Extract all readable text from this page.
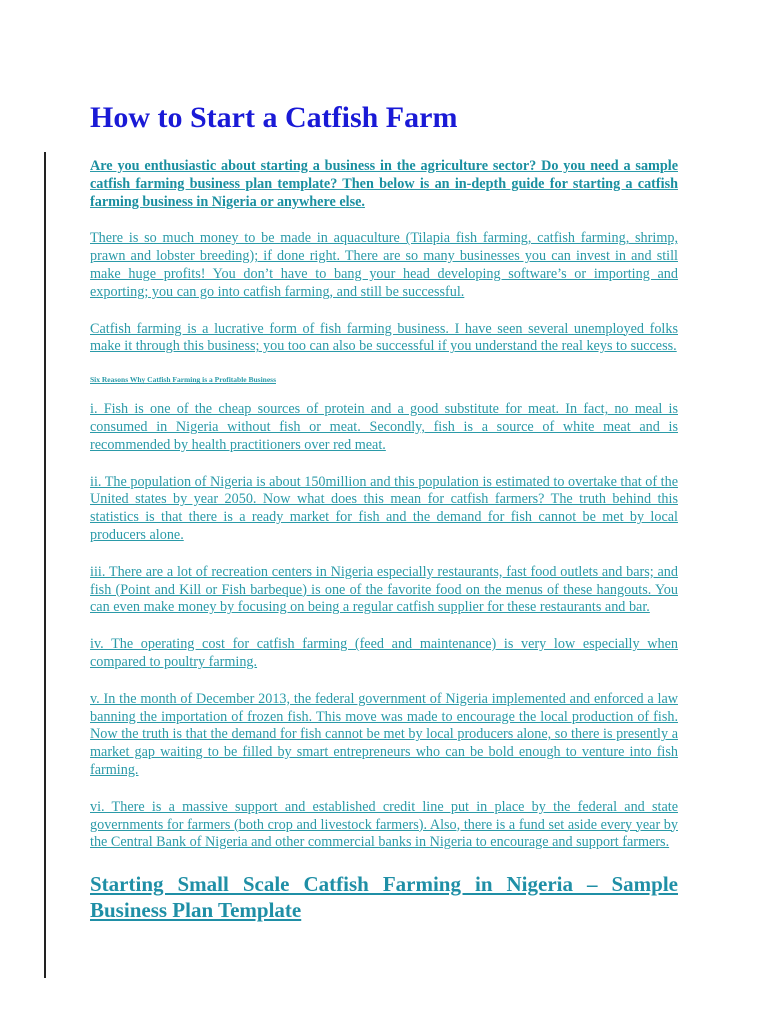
How to Start a Catfish Farm

Are you enthusiastic about starting a business in the agriculture sector? Do you need a sample catfish farming business plan template? Then below is an in-depth guide for starting a catfish farming business in Nigeria or anywhere else.

There is so much money to be made in aquaculture (Tilapia fish farming, catfish farming, shrimp, prawn and lobster breeding); if done right. There are so many businesses you can invest in and still make huge profits! You don’t have to bang your head developing software’s or importing and exporting; you can go into catfish farming, and still be successful.

Catfish farming is a lucrative form of fish farming business. I have seen several unemployed folks make it through this business; you too can also be successful if you understand the real keys to success.

Six Reasons Why Catfish Farming is a Profitable Business

i. Fish is one of the cheap sources of protein and a good substitute for meat. In fact, no meal is consumed in Nigeria without fish or meat. Secondly, fish is a source of white meat and is recommended by health practitioners over red meat.

ii. The population of Nigeria is about 150million and this population is estimated to overtake that of the United states by year 2050. Now what does this mean for catfish farmers? The truth behind this statistics is that there is a ready market for fish and the demand for fish cannot be met by local producers alone.

iii. There are a lot of recreation centers in Nigeria especially restaurants, fast food outlets and bars; and fish (Point and Kill or Fish barbeque) is one of the favorite food on the menus of these hangouts. You can even make money by focusing on being a regular catfish supplier for these restaurants and bar.

iv. The operating cost for catfish farming (feed and maintenance) is very low especially when compared to poultry farming.

v. In the month of December 2013, the federal government of Nigeria implemented and enforced a law banning the importation of frozen fish. This move was made to encourage the local production of fish. Now the truth is that the demand for fish cannot be met by local producers alone, so there is presently a market gap waiting to be filled by smart entrepreneurs who can be bold enough to venture into fish farming.

vi. There is a massive support and established credit line put in place by the federal and state governments for farmers (both crop and livestock farmers). Also, there is a fund set aside every year by the Central Bank of Nigeria and other commercial banks in Nigeria to encourage and support farmers.

Starting Small Scale Catfish Farming in Nigeria – Sample Business Plan Template
